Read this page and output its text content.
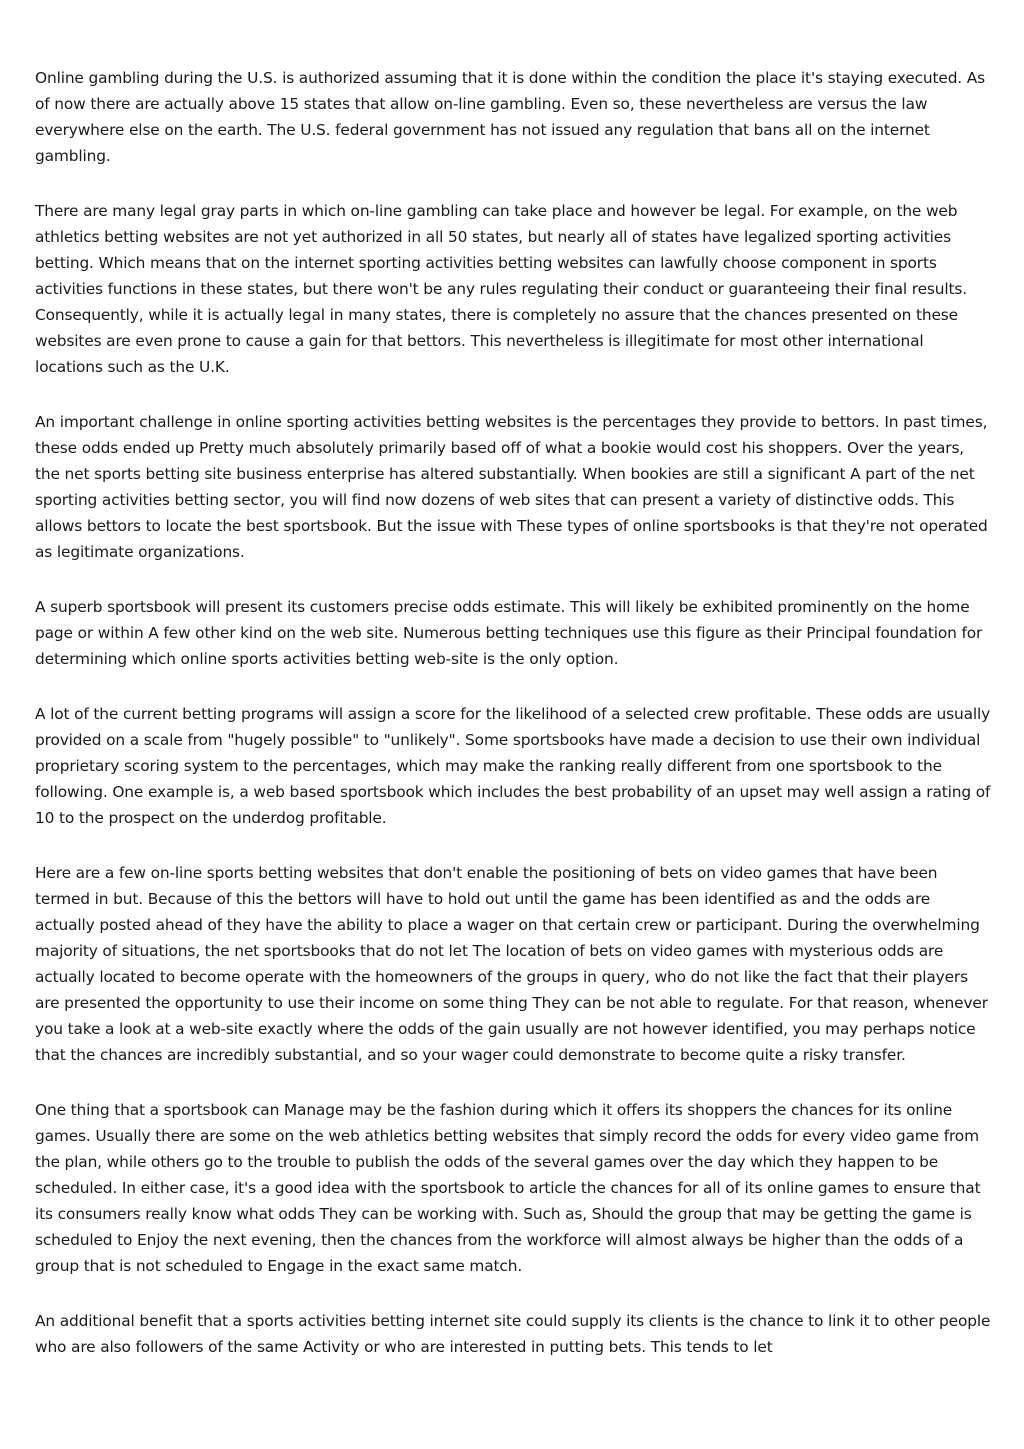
Online gambling during the U.S. is authorized assuming that it is done within the condition the place it's staying executed. As of now there are actually above 15 states that allow on-line gambling. Even so, these nevertheless are versus the law everywhere else on the earth. The U.S. federal government has not issued any regulation that bans all on the internet gambling.

There are many legal gray parts in which on-line gambling can take place and however be legal. For example, on the web athletics betting websites are not yet authorized in all 50 states, but nearly all of states have legalized sporting activities betting. Which means that on the internet sporting activities betting websites can lawfully choose component in sports activities functions in these states, but there won't be any rules regulating their conduct or guaranteeing their final results. Consequently, while it is actually legal in many states, there is completely no assure that the chances presented on these websites are even prone to cause a gain for that bettors. This nevertheless is illegitimate for most other international locations such as the U.K.

An important challenge in online sporting activities betting websites is the percentages they provide to bettors. In past times, these odds ended up Pretty much absolutely primarily based off of what a bookie would cost his shoppers. Over the years, the net sports betting site business enterprise has altered substantially. When bookies are still a significant A part of the net sporting activities betting sector, you will find now dozens of web sites that can present a variety of distinctive odds. This allows bettors to locate the best sportsbook. But the issue with These types of online sportsbooks is that they're not operated as legitimate organizations.

A superb sportsbook will present its customers precise odds estimate. This will likely be exhibited prominently on the home page or within A few other kind on the web site. Numerous betting techniques use this figure as their Principal foundation for determining which online sports activities betting web-site is the only option.

A lot of the current betting programs will assign a score for the likelihood of a selected crew profitable. These odds are usually provided on a scale from "hugely possible" to "unlikely". Some sportsbooks have made a decision to use their own individual proprietary scoring system to the percentages, which may make the ranking really different from one sportsbook to the following. One example is, a web based sportsbook which includes the best probability of an upset may well assign a rating of 10 to the prospect on the underdog profitable.

Here are a few on-line sports betting websites that don't enable the positioning of bets on video games that have been termed in but. Because of this the bettors will have to hold out until the game has been identified as and the odds are actually posted ahead of they have the ability to place a wager on that certain crew or participant. During the overwhelming majority of situations, the net sportsbooks that do not let The location of bets on video games with mysterious odds are actually located to become operate with the homeowners of the groups in query, who do not like the fact that their players are presented the opportunity to use their income on some thing They can be not able to regulate. For that reason, whenever you take a look at a web-site exactly where the odds of the gain usually are not however identified, you may perhaps notice that the chances are incredibly substantial, and so your wager could demonstrate to become quite a risky transfer.

One thing that a sportsbook can Manage may be the fashion during which it offers its shoppers the chances for its online games. Usually there are some on the web athletics betting websites that simply record the odds for every video game from the plan, while others go to the trouble to publish the odds of the several games over the day which they happen to be scheduled. In either case, it's a good idea with the sportsbook to article the chances for all of its online games to ensure that its consumers really know what odds They can be working with. Such as, Should the group that may be getting the game is scheduled to Enjoy the next evening, then the chances from the workforce will almost always be higher than the odds of a group that is not scheduled to Engage in the exact same match.

An additional benefit that a sports activities betting internet site could supply its clients is the chance to link it to other people who are also followers of the same Activity or who are interested in putting bets. This tends to let
